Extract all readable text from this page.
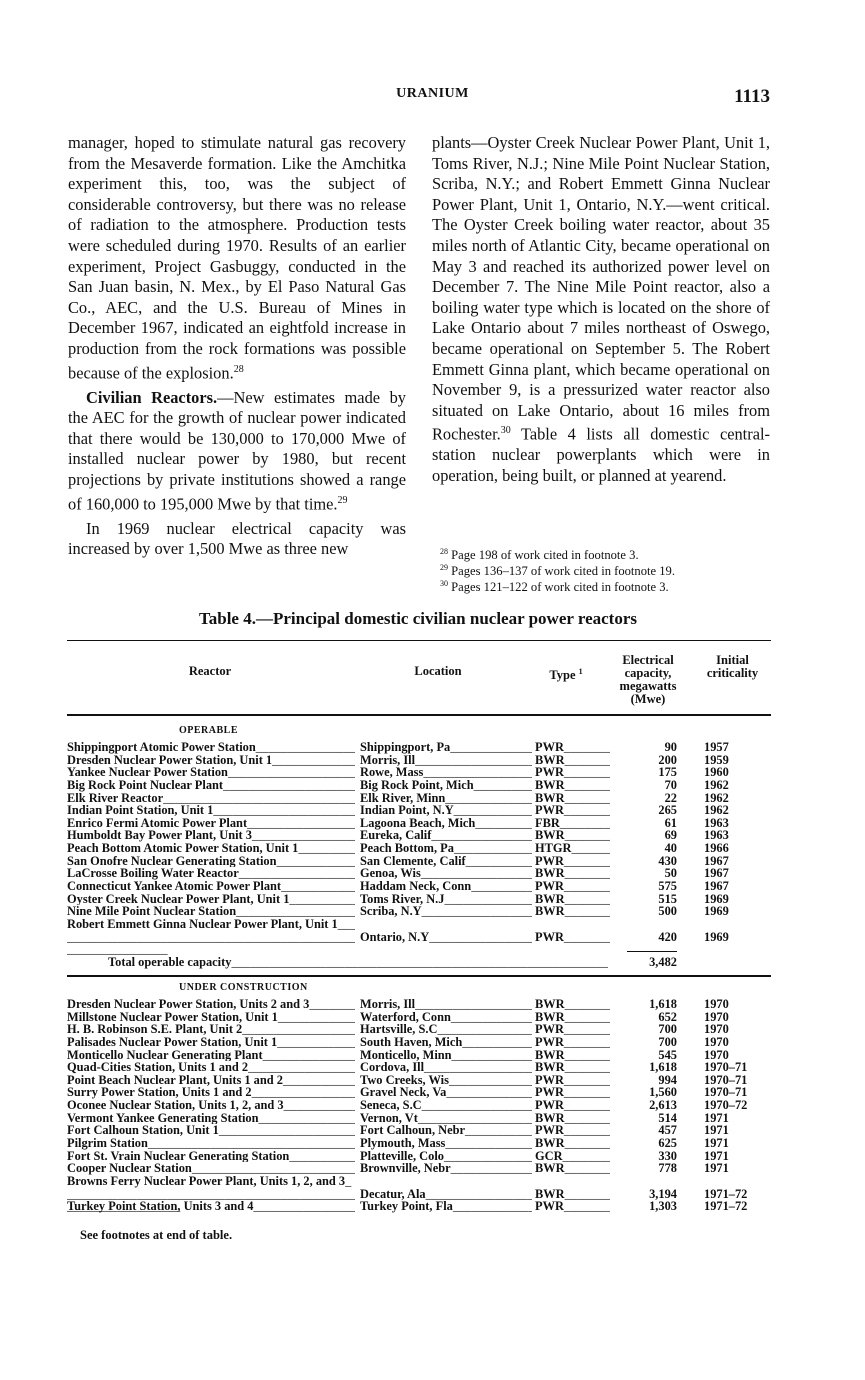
URANIUM	1113

manager, hoped to stimulate natural gas recovery from the Mesaverde formation. Like the Amchitka experiment this, too, was the subject of considerable controversy, but there was no release of radiation to the atmosphere. Production tests were scheduled during 1970. Results of an earlier experiment, Project Gasbuggy, conducted in the San Juan basin, N. Mex., by El Paso Natural Gas Co., AEC, and the U.S. Bureau of Mines in December 1967, indicated an eightfold increase in production from the rock formations was possible because of the explosion.$^{28}$

Civilian Reactors.—New estimates made by the AEC for the growth of nuclear power indicated that there would be 130,000 to 170,000 Mwe of installed nuclear power by 1980, but recent projections by private institutions showed a range of 160,000 to 195,000 Mwe by that time.$^{29}$

In 1969 nuclear electrical capacity was increased by over 1,500 Mwe as three new

plants—Oyster Creek Nuclear Power Plant, Unit 1, Toms River, N.J.; Nine Mile Point Nuclear Station, Scriba, N.Y.; and Robert Emmett Ginna Nuclear Power Plant, Unit 1, Ontario, N.Y.—went critical. The Oyster Creek boiling water reactor, about 35 miles north of Atlantic City, became operational on May 3 and reached its authorized power level on December 7. The Nine Mile Point reactor, also a boiling water type which is located on the shore of Lake Ontario about 7 miles northeast of Oswego, became operational on September 5. The Robert Emmett Ginna plant, which became operational on November 9, is a pressurized water reactor also situated on Lake Ontario, about 16 miles from Rochester.$^{30}$ Table 4 lists all domestic central-station nuclear powerplants which were in operation, being built, or planned at yearend.

$^{28}$ Page 198 of work cited in footnote 3.

$^{29}$ Pages 136–137 of work cited in footnote 19.

$^{30}$ Pages 121–122 of work cited in footnote 3.

Table 4.—Principal domestic civilian nuclear power reactors
Reactor	Location	Type $^1$
Electrical capacity, megawatts (Mwe)
Initial criticality
OPERABLE
Shippingport Atomic Power Station _ _ _	Shippingport, Pa _ _ _	PWR _ _ _	90 1957
Dresden Nuclear Power Station, Unit 1 _ _ _	Morris, Ill _ _ _	BWR _ _ _	200 1959
Yankee Nuclear Power Station _ _ _	Rowe, Mass _ _ _	PWR _ _ _	175 1960
Big Rock Point Nuclear Plant _ _ _	Big Rock Point, Mich _ _ _	BWR _ _ _	70 1962
Elk River Reactor _ _ _	Elk River, Minn _ _ _	BWR _ _ _	22 1962
Indian Point Station, Unit 1 _ _ _	Indian Point, N.Y _ _ _	PWR _ _ _	265 1962
Enrico Fermi Atomic Power Plant _ _ _	Lagoona Beach, Mich _ _ _	FBR _ _ _	61 1963
Humboldt Bay Power Plant, Unit 3 _ _ _	Eureka, Calif _ _ _	BWR _ _ _	69 1963
Peach Bottom Atomic Power Station, Unit 1 _ _ _	Peach Bottom, Pa _ _ _	HTGR _ _ _	40 1966
San Onofre Nuclear Generating Station _ _ _	San Clemente, Calif _ _ _	PWR _ _ _	430 1967
LaCrosse Boiling Water Reactor _ _ _	Genoa, Wis _ _ _	BWR _ _ _	50 1967
Connecticut Yankee Atomic Power Plant _ _ _	Haddam Neck, Conn _ _ _	PWR _ _ _	575 1967
Oyster Creek Nuclear Power Plant, Unit 1 _ _ _	Toms River, N.J _ _ _	BWR _ _ _	515 1969
Nine Mile Point Nuclear Station _ _ _	Scriba, N.Y _ _ _	BWR _ _ _	500 1969
Robert Emmett Ginna Nuclear Power Plant, Unit 1 _ _ _
Ontario, N.Y _ _ _	PWR _ _ _	420 1969
Total operable capacity _ _ _	3,482
UNDER CONSTRUCTION
Dresden Nuclear Power Station, Units 2 and 3 _ _ _	Morris, Ill _ _ _	BWR _ _ _	1,618 1970
Millstone Nuclear Power Station, Unit 1 _ _ _	Waterford, Conn _ _ _	BWR _ _ _	652 1970
H. B. Robinson S.E. Plant, Unit 2 _ _ _	Hartsville, S.C _ _ _	PWR _ _ _	700 1970
Palisades Nuclear Power Station, Unit 1 _ _ _	South Haven, Mich _ _ _	PWR _ _ _	700 1970
Monticello Nuclear Generating Plant _ _ _	Monticello, Minn _ _ _	BWR _ _ _	545 1970
Quad-Cities Station, Units 1 and 2 _ _ _	Cordova, Ill _ _ _	BWR _ _ _	1,618 1970–71
Point Beach Nuclear Plant, Units 1 and 2 _ _ _	Two Creeks, Wis _ _ _	PWR _ _ _	994 1970–71
Surry Power Station, Units 1 and 2 _ _ _	Gravel Neck, Va _ _ _	PWR _ _ _	1,560 1970–71
Oconee Nuclear Station, Units 1, 2, and 3 _ _ _	Seneca, S.C _ _ _	PWR _ _ _	2,613 1970–72
Vermont Yankee Generating Station _ _ _	Vernon, Vt _ _ _	BWR _ _ _	514 1971
Fort Calhoun Station, Unit 1 _ _ _	Fort Calhoun, Nebr _ _ _	PWR _ _ _	457 1971
Pilgrim Station _ _ _	Plymouth, Mass _ _ _	BWR _ _ _	625 1971
Fort St. Vrain Nuclear Generating Station _ _ _	Platteville, Colo _ _ _	GCR _ _ _	330 1971
Cooper Nuclear Station _ _ _	Brownville, Nebr _ _ _	BWR _ _ _	778 1971
Browns Ferry Nuclear Power Plant, Units 1, 2, and 3 _ _ _
Decatur, Ala _ _ _	BWR _ _ _	3,194 1971–72
Turkey Point Station, Units 3 and 4 _ _ _	Turkey Point, Fla _ _ _	PWR _ _ _	1,303 1971–72
See footnotes at end of table.
